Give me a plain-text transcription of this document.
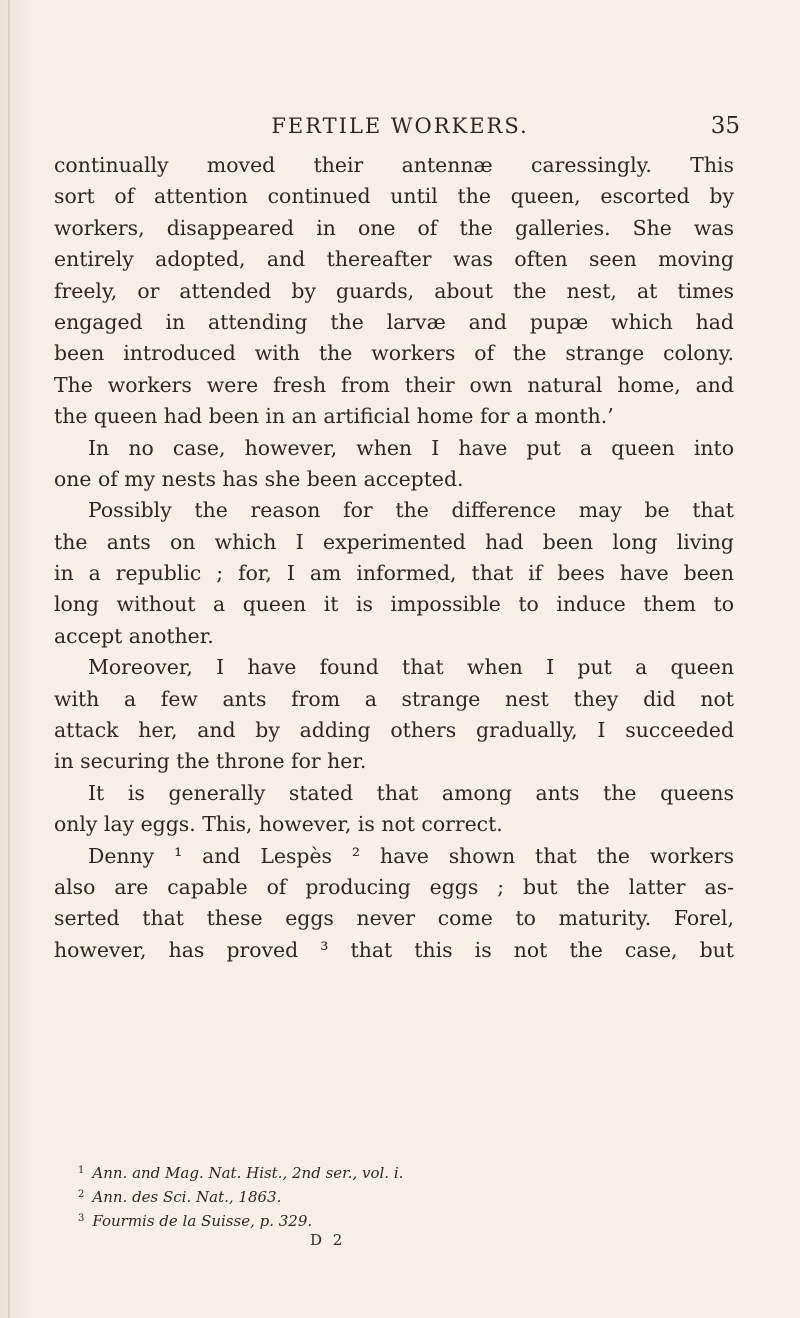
FERTILE WORKERS.	35
continually moved their antennæ caressingly. This
sort of attention continued until the queen, escorted by
workers, disappeared in one of the galleries. She was
entirely adopted, and thereafter was often seen moving
freely, or attended by guards, about the nest, at times
engaged in attending the larvæ and pupæ which had
been introduced with the workers of the strange colony.
The workers were fresh from their own natural home, and
the queen had been in an artificial home for a month.’
In no case, however, when I have put a queen into
one of my nests has she been accepted.
Possibly the reason for the difference may be that
the ants on which I experimented had been long living
in a republic ; for, I am informed, that if bees have been
long without a queen it is impossible to induce them to
accept another.
Moreover, I have found that when I put a queen
with a few ants from a strange nest they did not
attack her, and by adding others gradually, I succeeded
in securing the throne for her.
It is generally stated that among ants the queens
only lay eggs. This, however, is not correct.
Denny ¹ and Lespès ² have shown that the workers
also are capable of producing eggs ; but the latter as-
serted that these eggs never come to maturity. Forel,
however, has proved ³ that this is not the case, but
$^1$ Ann. and Mag. Nat. Hist., 2nd ser., vol. i.
$^2$ Ann. des Sci. Nat., 1863.
$^3$ Fourmis de la Suisse, p. 329.
D 2
